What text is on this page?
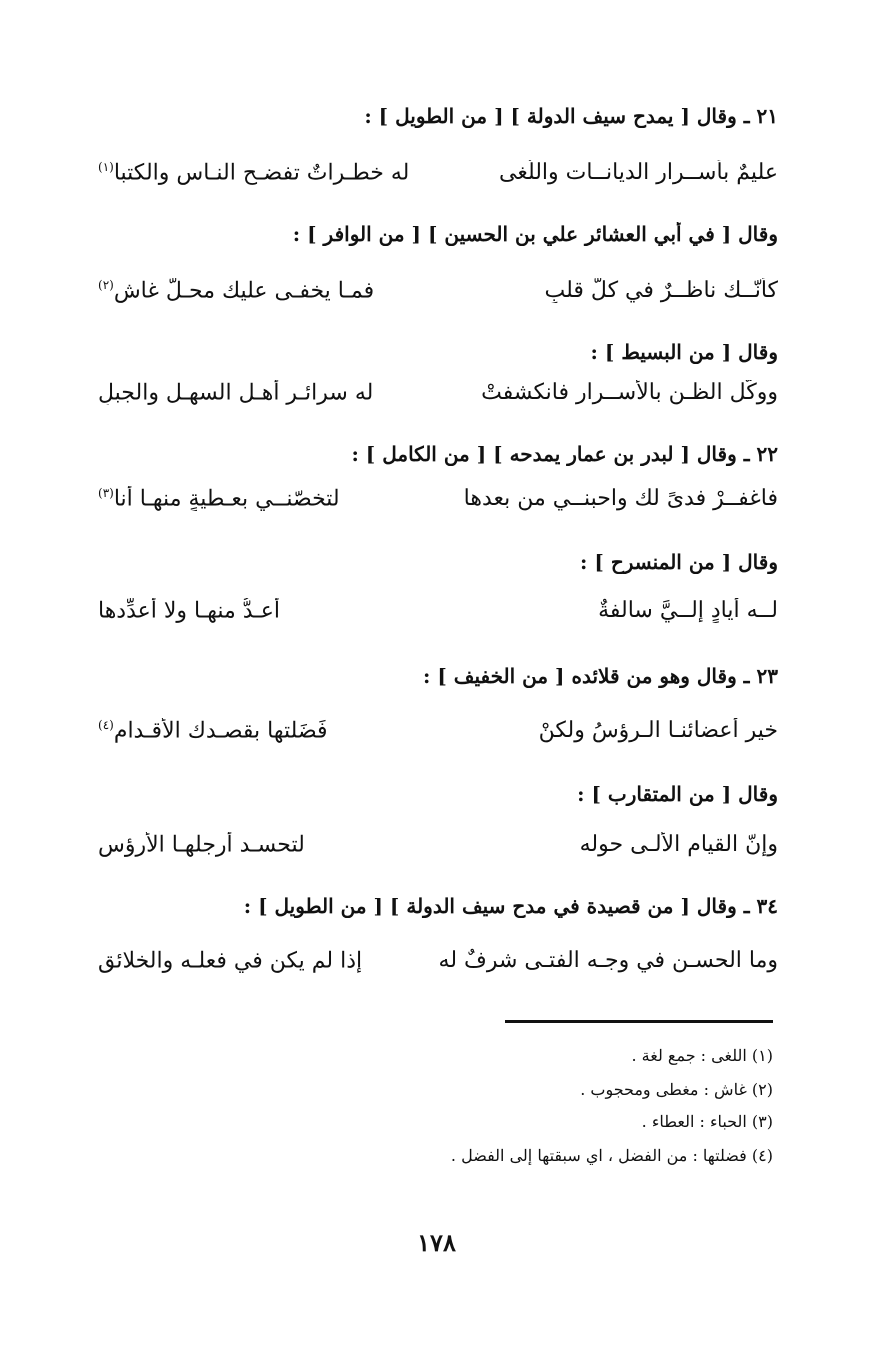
٢١ ـ وقال [ يمدح سيف الدولة ] [ من الطويل ] :
عليمٌ بأســرار الديانــات واللّغى
له خطـراتٌ تفضـح النـاس والكتبا$^{(١)}$
وقال [ في أبي العشائر علي بن الحسين ] [ من الوافر ] :
كأنّــك ناظــرٌ في كلّ قلبٍ
فمـا يخفـى عليك محـلّ غاش$^{(٢)}$
وقال [ من البسيط ] :
ووكّل الظـن بالأســرار فانكشفتْ
له سرائـر أهـل السهـل والجبلِ
٢٢ ـ وقال [ لبدر بن عمار يمدحه ] [ من الكامل ] :
فاغفــرْ فدىً لك واحبنــي من بعدها
لتخصّنــي بعـطيةٍ منهـا أنا$^{(٣)}$
وقال [ من المنسرح ] :
لــه أيادٍ إلــيَّ سالفةٌ
أعـدُّ منهـا ولا أعدِّدها
٢٣ ـ وقال وهو من قلائده [ من الخفيف ] :
خير أعضائنـا الـرؤسُ ولكنْ
فَضَلتها بقصـدك الأقـدام$^{(٤)}$
وقال [ من المتقارب ] :
وإنّ القيام الألـى حوله
لتحسـد أرجلهـا الأرؤس
٣٤ ـ وقال [ من قصيدة في مدح سيف الدولة ] [ من الطويل ] :
وما الحسـن في وجـه الفتـى شرفٌ له
إذا لم يكن في فعلـه والخلائق
(١) اللغى : جمع لغة .
(٢) غاش : مغطى ومحجوب .
(٣) الحباء : العطاء .
(٤) فضلتها : من الفضل ، اي سبقتها إلى الفضل .
١٧٨
